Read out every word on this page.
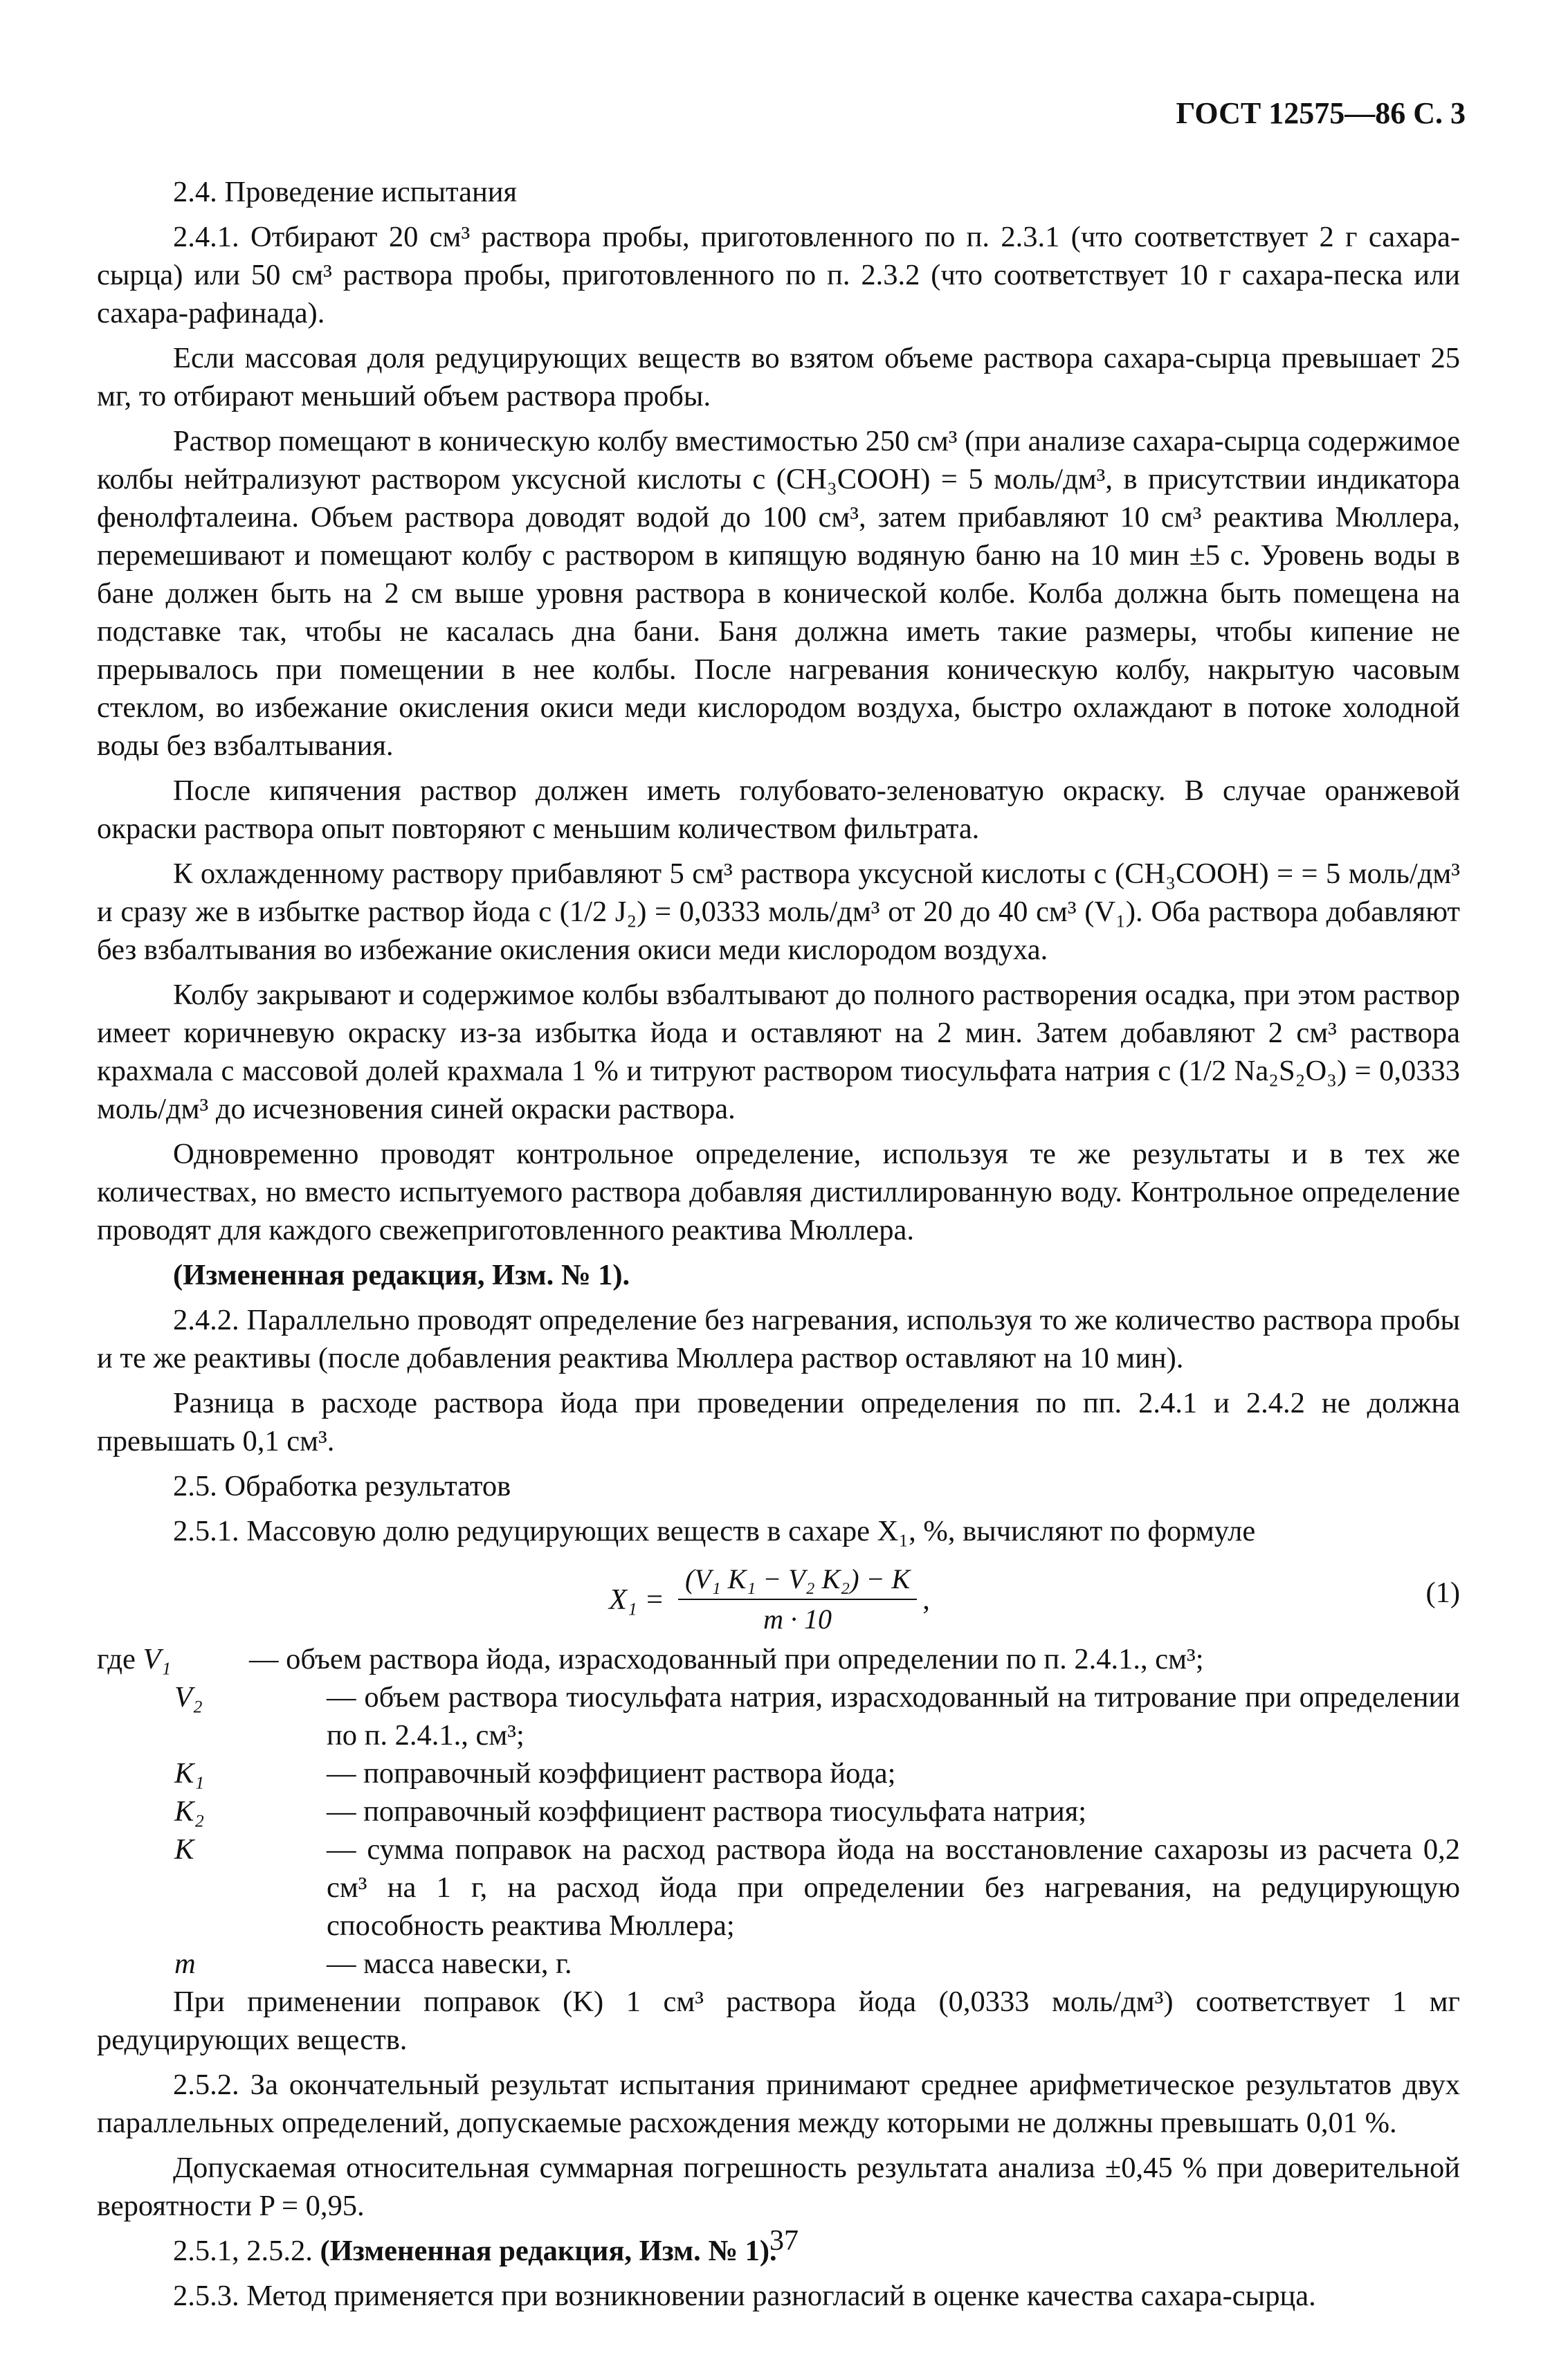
ГОСТ 12575—86 С. 3

2.4. Проведение испытания

2.4.1. Отбирают 20 см³ раствора пробы, приготовленного по п. 2.3.1 (что соответствует 2 г сахара-сырца) или 50 см³ раствора пробы, приготовленного по п. 2.3.2 (что соответствует 10 г сахара-песка или сахара-рафинада).

Если массовая доля редуцирующих веществ во взятом объеме раствора сахара-сырца превышает 25 мг, то отбирают меньший объем раствора пробы.

Раствор помещают в коническую колбу вместимостью 250 см³ (при анализе сахара-сырца содержимое колбы нейтрализуют раствором уксусной кислоты с (CH₃COOH) = 5 моль/дм³, в присутствии индикатора фенолфталеина. Объем раствора доводят водой до 100 см³, затем прибавляют 10 см³ реактива Мюллера, перемешивают и помещают колбу с раствором в кипящую водяную баню на 10 мин ±5 с. Уровень воды в бане должен быть на 2 см выше уровня раствора в конической колбе. Колба должна быть помещена на подставке так, чтобы не касалась дна бани. Баня должна иметь такие размеры, чтобы кипение не прерывалось при помещении в нее колбы. После нагревания коническую колбу, накрытую часовым стеклом, во избежание окисления окиси меди кислородом воздуха, быстро охлаждают в потоке холодной воды без взбалтывания.

После кипячения раствор должен иметь голубовато-зеленоватую окраску. В случае оранжевой окраски раствора опыт повторяют с меньшим количеством фильтрата.

К охлажденному раствору прибавляют 5 см³ раствора уксусной кислоты с (CH₃COOH) = = 5 моль/дм³ и сразу же в избытке раствор йода с (1/2 J₂) = 0,0333 моль/дм³ от 20 до 40 см³ (V₁). Оба раствора добавляют без взбалтывания во избежание окисления окиси меди кислородом воздуха.

Колбу закрывают и содержимое колбы взбалтывают до полного растворения осадка, при этом раствор имеет коричневую окраску из-за избытка йода и оставляют на 2 мин. Затем добавляют 2 см³ раствора крахмала с массовой долей крахмала 1 % и титруют раствором тиосульфата натрия с (1/2 Na₂S₂O₃) = 0,0333 моль/дм³ до исчезновения синей окраски раствора.

Одновременно проводят контрольное определение, используя те же результаты и в тех же количествах, но вместо испытуемого раствора добавляя дистиллированную воду. Контрольное определение проводят для каждого свежеприготовленного реактива Мюллера.

(Измененная редакция, Изм. № 1).

2.4.2. Параллельно проводят определение без нагревания, используя то же количество раствора пробы и те же реактивы (после добавления реактива Мюллера раствор оставляют на 10 мин).

Разница в расходе раствора йода при проведении определения по пп. 2.4.1 и 2.4.2 не должна превышать 0,1 см³.

2.5. Обработка результатов

2.5.1. Массовую долю редуцирующих веществ в сахаре X₁, %, вычисляют по формуле

$X_1 = \frac{\text{(V₁ K₁ − V₂ K₂) − K}}{m \cdot 10}$ ,	(1)
где V₁	— объем раствора йода, израсходованный при определении по п. 2.4.1., см³;
V₂	— объем раствора тиосульфата натрия, израсходованный на титрование при определении по п. 2.4.1., см³;
K₁	— поправочный коэффициент раствора йода;
K₂	— поправочный коэффициент раствора тиосульфата натрия;
K	— сумма поправок на расход раствора йода на восстановление сахарозы из расчета 0,2 см³ на 1 г, на расход йода при определении без нагревания, на редуцирующую способность реактива Мюллера;
m	— масса навески, г.

При применении поправок (K) 1 см³ раствора йода (0,0333 моль/дм³) соответствует 1 мг редуцирующих веществ.

2.5.2. За окончательный результат испытания принимают среднее арифметическое результатов двух параллельных определений, допускаемые расхождения между которыми не должны превышать 0,01 %.

Допускаемая относительная суммарная погрешность результата анализа ±0,45 % при доверительной вероятности P = 0,95.

2.5.1, 2.5.2. (Измененная редакция, Изм. № 1).

2.5.3. Метод применяется при возникновении разногласий в оценке качества сахара-сырца.

37
